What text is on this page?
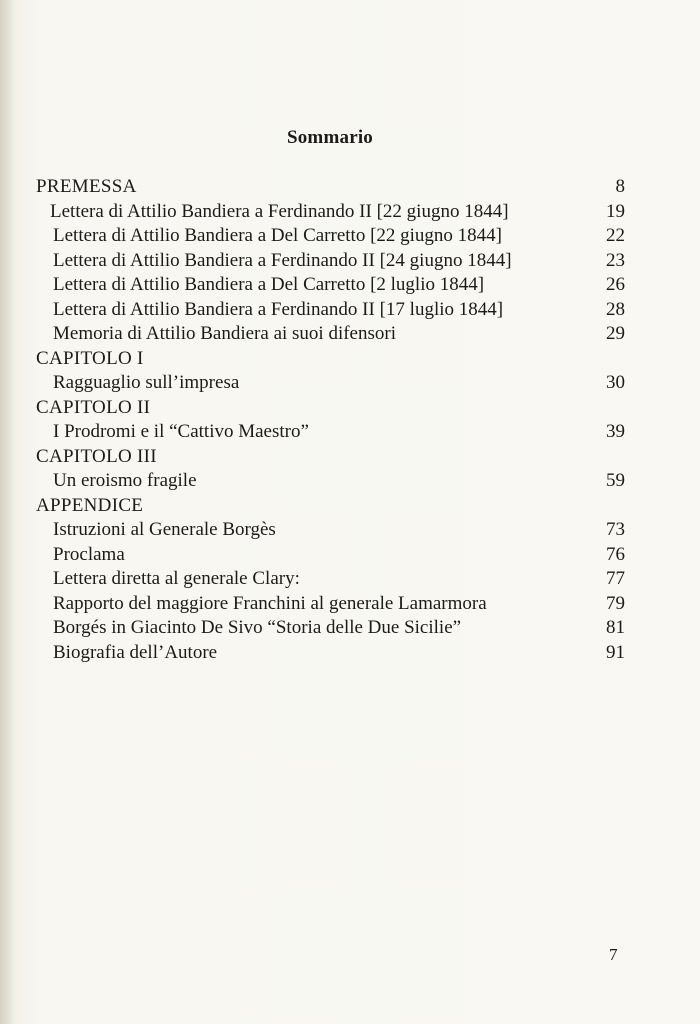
Sommario
PREMESSA	8
Lettera di Attilio Bandiera a Ferdinando II [22 giugno 1844]	19
Lettera di Attilio Bandiera a Del Carretto [22 giugno 1844]	22
Lettera di Attilio Bandiera a Ferdinando II [24 giugno 1844]	23
Lettera di Attilio Bandiera a Del Carretto [2 luglio 1844]	26
Lettera di Attilio Bandiera a Ferdinando II [17 luglio 1844]	28
Memoria di Attilio Bandiera ai suoi difensori	29
CAPITOLO I
Ragguaglio sull’impresa	30
CAPITOLO II
I Prodromi e il “Cattivo Maestro”	39
CAPITOLO III
Un eroismo fragile	59
APPENDICE
Istruzioni al Generale Borgès	73
Proclama	76
Lettera diretta al generale Clary:	77
Rapporto del maggiore Franchini al generale Lamarmora	79
Borgés in Giacinto De Sivo “Storia delle Due Sicilie”	81
Biografia dell’Autore	91
7
